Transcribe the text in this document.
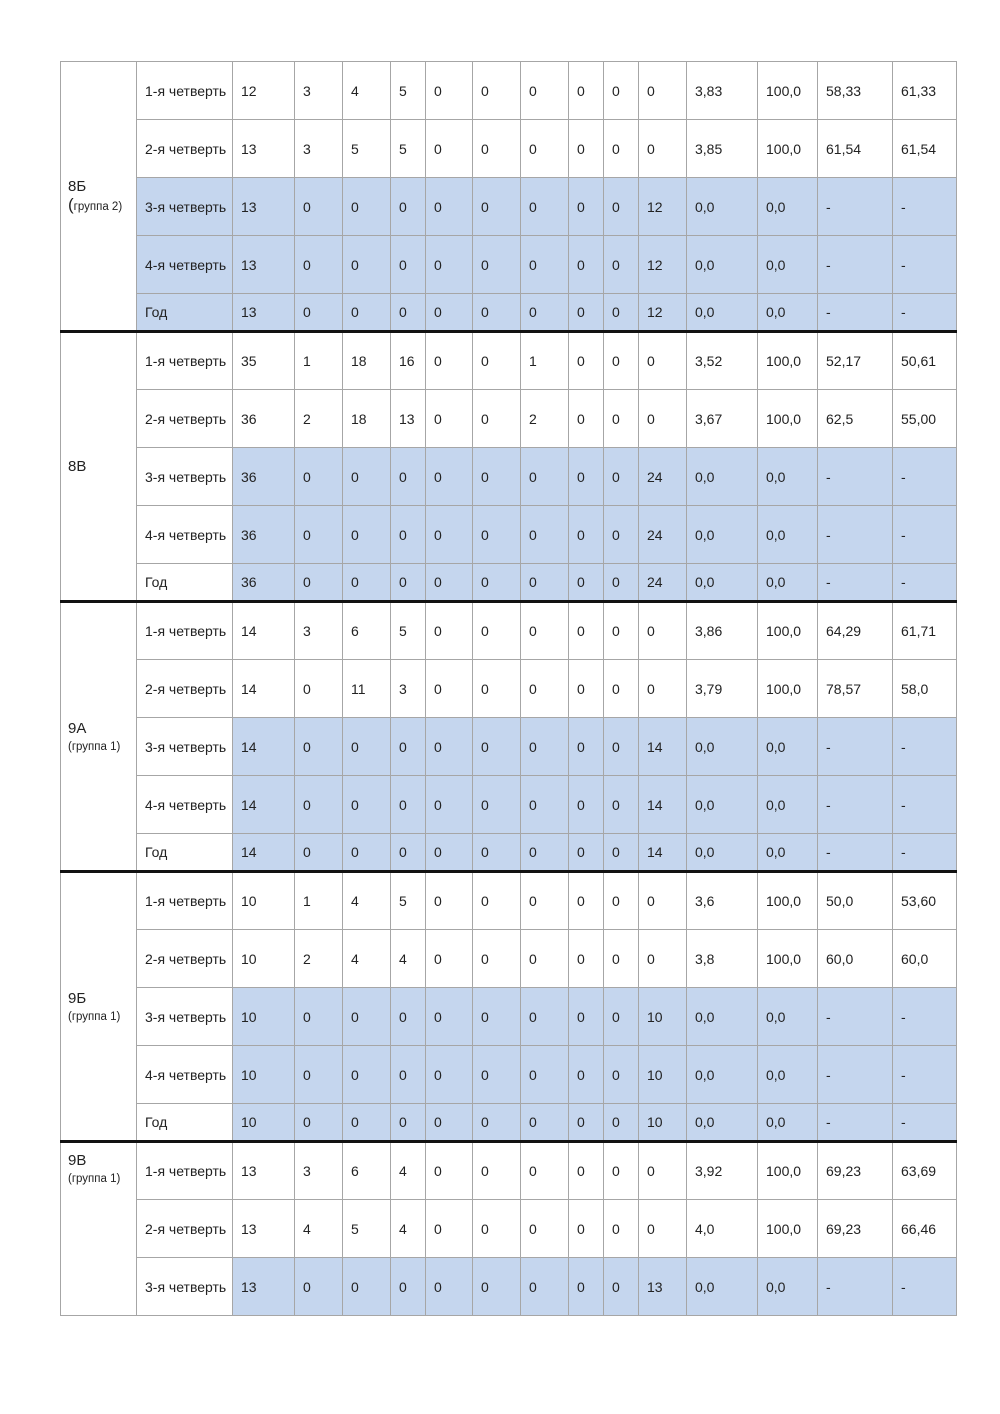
8Б
(группа 2)	1-я четверть	12	3	4	5	0	0	0	0	0	0	3,83	100,0	58,33	61,33
	2-я четверть	13	3	5	5	0	0	0	0	0	0	3,85	100,0	61,54	61,54
	3-я четверть	13	0	0	0	0	0	0	0	0	12	0,0	0,0	-	-
	4-я четверть	13	0	0	0	0	0	0	0	0	12	0,0	0,0	-	-
	Год	13	0	0	0	0	0	0	0	0	12	0,0	0,0	-	-

8В	1-я четверть	35	1	18	16	0	0	1	0	0	0	3,52	100,0	52,17	50,61
	2-я четверть	36	2	18	13	0	0	2	0	0	0	3,67	100,0	62,5	55,00
	3-я четверть	36	0	0	0	0	0	0	0	0	24	0,0	0,0	-	-
	4-я четверть	36	0	0	0	0	0	0	0	0	24	0,0	0,0	-	-
	Год	36	0	0	0	0	0	0	0	0	24	0,0	0,0	-	-

9А
(группа 1)	1-я четверть	14	3	6	5	0	0	0	0	0	0	3,86	100,0	64,29	61,71
	2-я четверть	14	0	11	3	0	0	0	0	0	0	3,79	100,0	78,57	58,0
	3-я четверть	14	0	0	0	0	0	0	0	0	14	0,0	0,0	-	-
	4-я четверть	14	0	0	0	0	0	0	0	0	14	0,0	0,0	-	-
	Год	14	0	0	0	0	0	0	0	0	14	0,0	0,0	-	-

9Б
(группа 1)	1-я четверть	10	1	4	5	0	0	0	0	0	0	3,6	100,0	50,0	53,60
	2-я четверть	10	2	4	4	0	0	0	0	0	0	3,8	100,0	60,0	60,0
	3-я четверть	10	0	0	0	0	0	0	0	0	10	0,0	0,0	-	-
	4-я четверть	10	0	0	0	0	0	0	0	0	10	0,0	0,0	-	-
	Год	10	0	0	0	0	0	0	0	0	10	0,0	0,0	-	-

9В
(группа 1)	1-я четверть	13	3	6	4	0	0	0	0	0	0	3,92	100,0	69,23	63,69
	2-я четверть	13	4	5	4	0	0	0	0	0	0	4,0	100,0	69,23	66,46
	3-я четверть	13	0	0	0	0	0	0	0	0	13	0,0	0,0	-	-
